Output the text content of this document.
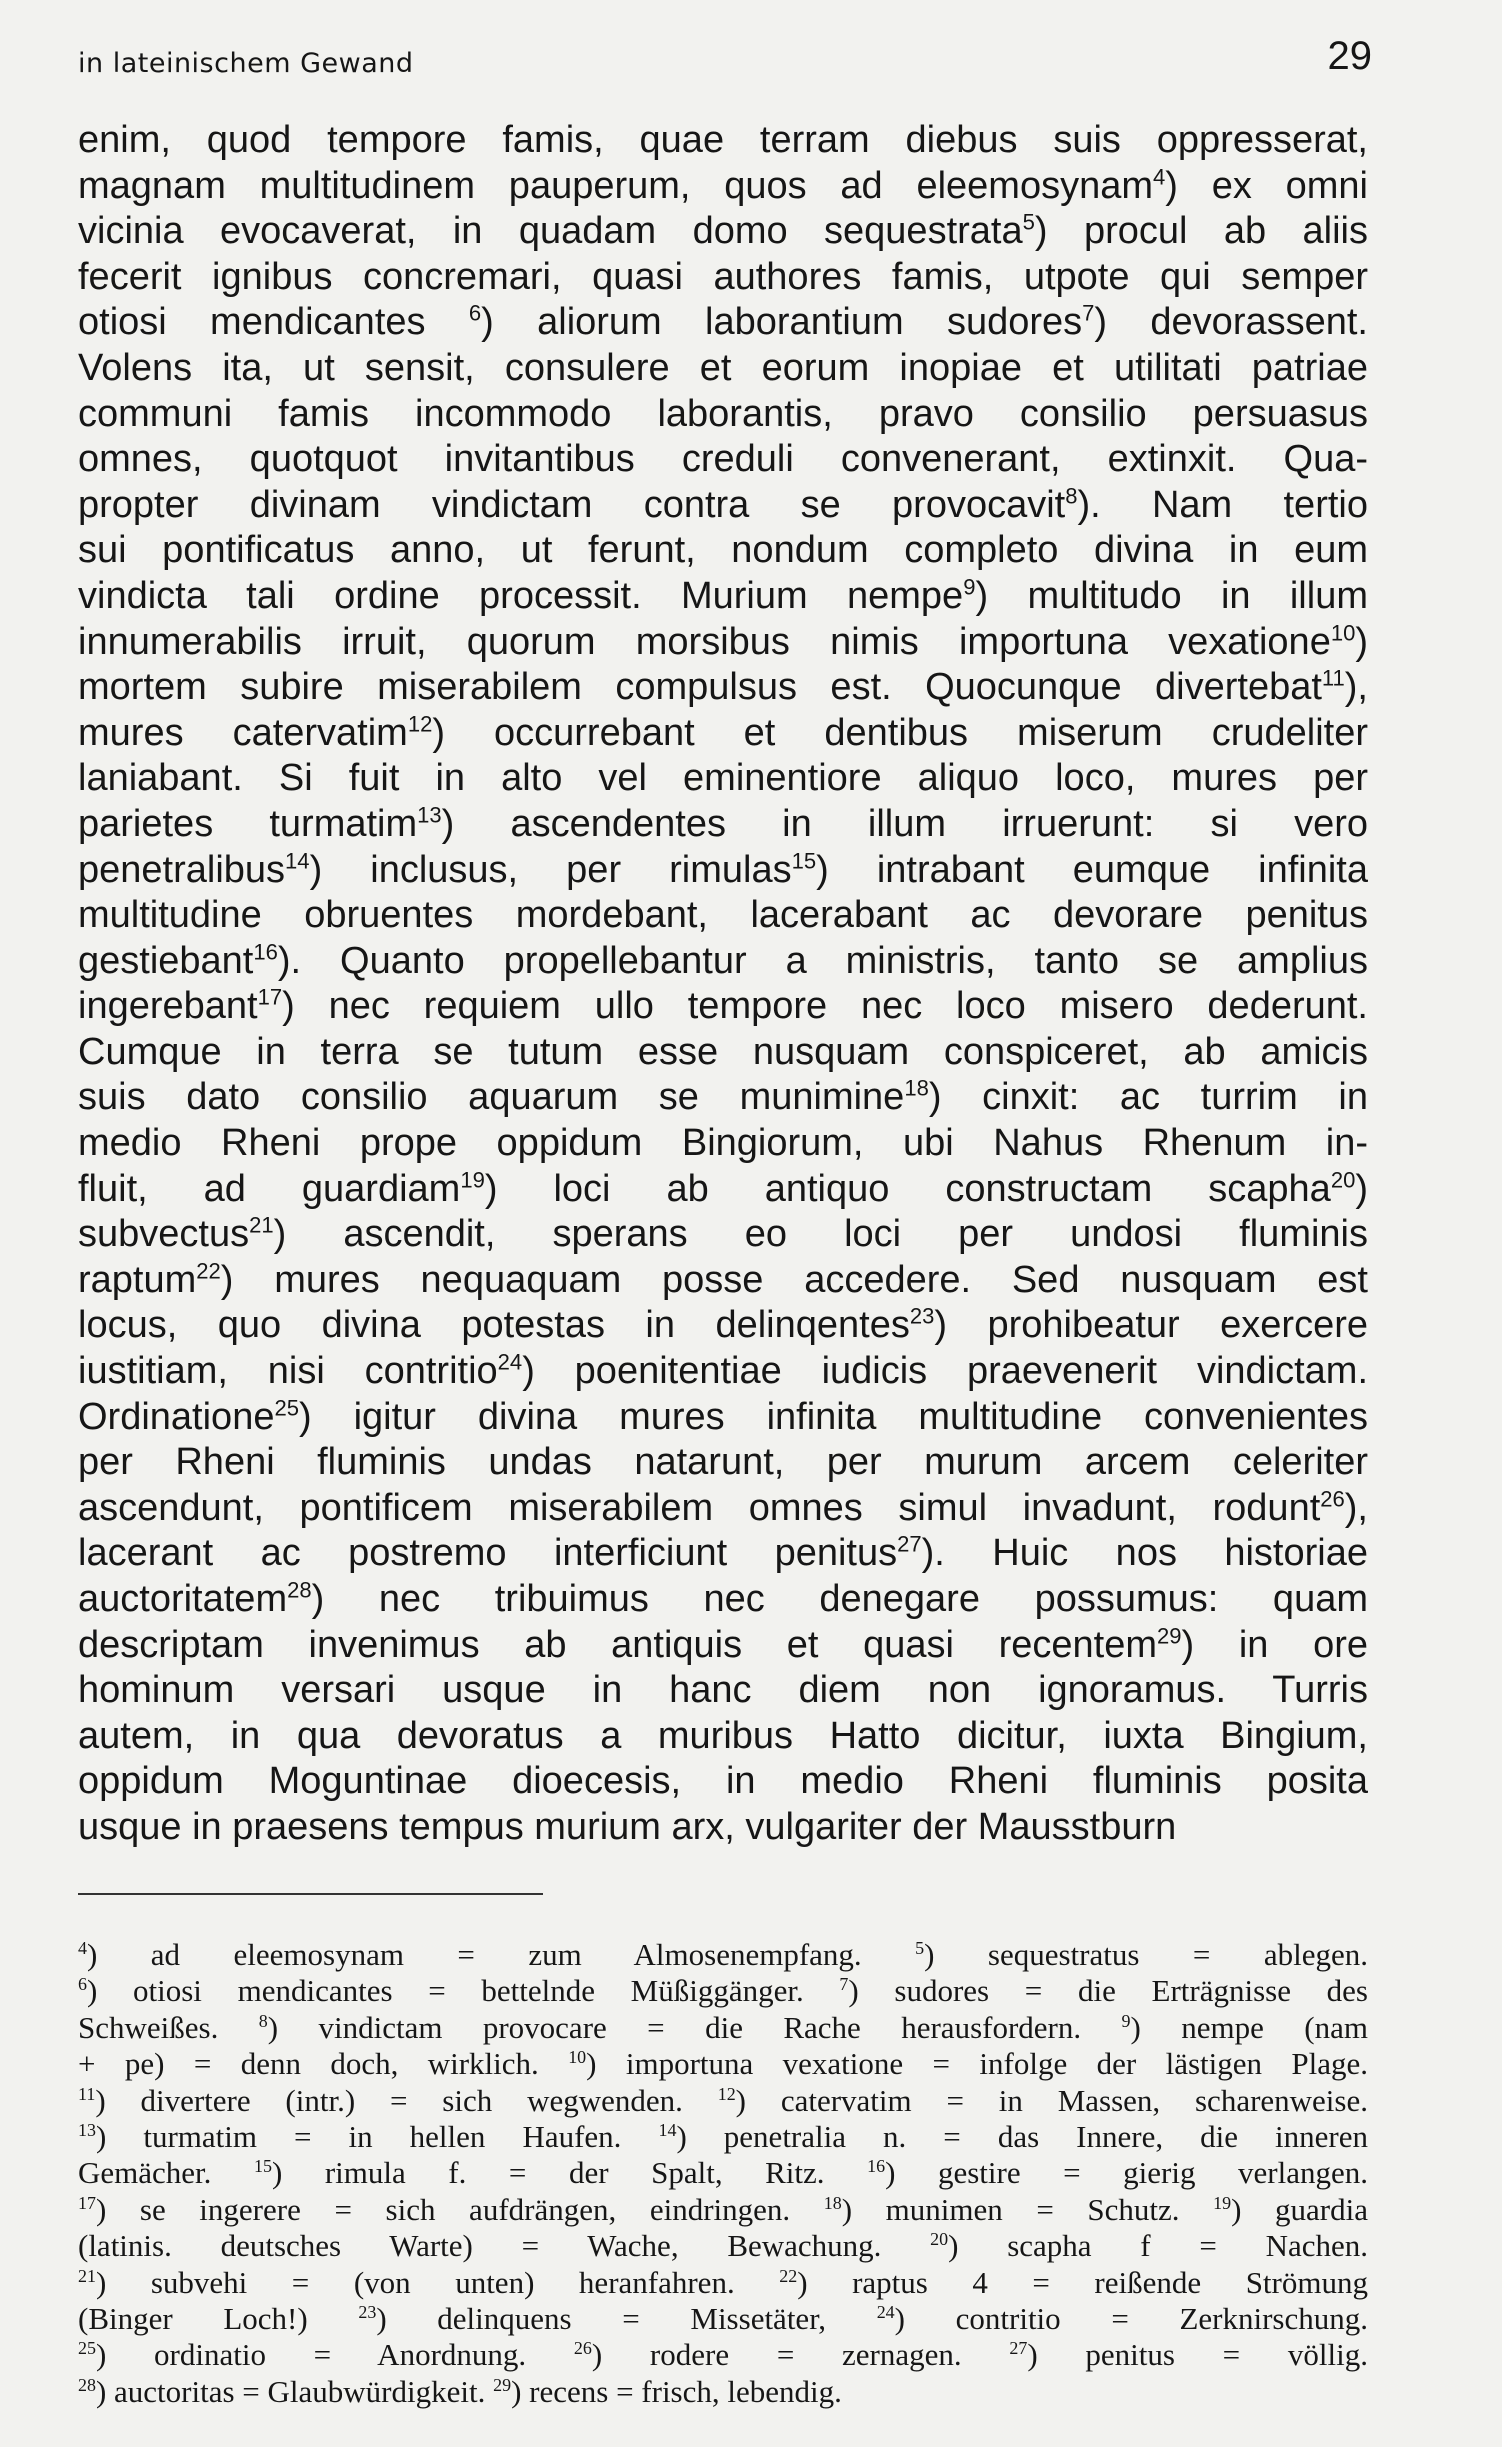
in lateinischem Gewand	29
enim, quod tempore famis, quae terram diebus suis oppresserat,
magnam multitudinem pauperum, quos ad eleemosynam$^4$) ex omni
vicinia evocaverat, in quadam domo sequestrata$^5$) procul ab aliis
fecerit ignibus concremari, quasi authores famis, utpote qui semper
otiosi mendicantes $^6$) aliorum laborantium sudores$^7$) devorassent.
Volens ita, ut sensit, consulere et eorum inopiae et utilitati patriae
communi famis incommodo laborantis, pravo consilio persuasus
omnes, quotquot invitantibus creduli convenerant, extinxit. Qua-
propter divinam vindictam contra se provocavit$^8$). Nam tertio
sui pontificatus anno, ut ferunt, nondum completo divina in eum
vindicta tali ordine processit. Murium nempe$^9$) multitudo in illum
innumerabilis irruit, quorum morsibus nimis importuna vexatione$^{10}$)
mortem subire miserabilem compulsus est. Quocunque divertebat$^{11}$),
mures catervatim$^{12}$) occurrebant et dentibus miserum crudeliter
laniabant. Si fuit in alto vel eminentiore aliquo loco, mures per
parietes turmatim$^{13}$) ascendentes in illum irruerunt: si vero
penetralibus$^{14}$) inclusus, per rimulas$^{15}$) intrabant eumque infinita
multitudine obruentes mordebant, lacerabant ac devorare penitus
gestiebant$^{16}$). Quanto propellebantur a ministris, tanto se amplius
ingerebant$^{17}$) nec requiem ullo tempore nec loco misero dederunt.
Cumque in terra se tutum esse nusquam conspiceret, ab amicis
suis dato consilio aquarum se munimine$^{18}$) cinxit: ac turrim in
medio Rheni prope oppidum Bingiorum, ubi Nahus Rhenum in-
fluit, ad guardiam$^{19}$) loci ab antiquo constructam scapha$^{20}$)
subvectus$^{21}$) ascendit, sperans eo loci per undosi fluminis
raptum$^{22}$) mures nequaquam posse accedere. Sed nusquam est
locus, quo divina potestas in delinqentes$^{23}$) prohibeatur exercere
iustitiam, nisi contritio$^{24}$) poenitentiae iudicis praevenerit vindictam.
Ordinatione$^{25}$) igitur divina mures infinita multitudine convenientes
per Rheni fluminis undas natarunt, per murum arcem celeriter
ascendunt, pontificem miserabilem omnes simul invadunt, rodunt$^{26}$),
lacerant ac postremo interficiunt penitus$^{27}$). Huic nos historiae
auctoritatem$^{28}$) nec tribuimus nec denegare possumus: quam
descriptam invenimus ab antiquis et quasi recentem$^{29}$) in ore
hominum versari usque in hanc diem non ignoramus. Turris
autem, in qua devoratus a muribus Hatto dicitur, iuxta Bingium,
oppidum Moguntinae dioecesis, in medio Rheni fluminis posita
usque in praesens tempus murium arx, vulgariter der Mausstburn
$^4$) ad eleemosynam = zum Almosenempfang. $^5$) sequestratus = ablegen.
$^6$) otiosi mendicantes = bettelnde Müßiggänger. $^7$) sudores = die Erträgnisse des
Schweißes. $^8$) vindictam provocare = die Rache herausfordern. $^9$) nempe (nam
+ pe) = denn doch, wirklich. $^{10}$) importuna vexatione = infolge der lästigen Plage.
$^{11}$) divertere (intr.) = sich wegwenden. $^{12}$) catervatim = in Massen, scharenweise.
$^{13}$) turmatim = in hellen Haufen. $^{14}$) penetralia n. = das Innere, die inneren
Gemächer. $^{15}$) rimula f. = der Spalt, Ritz. $^{16}$) gestire = gierig verlangen.
$^{17}$) se ingerere = sich aufdrängen, eindringen. $^{18}$) munimen = Schutz. $^{19}$) guardia
(latinis. deutsches Warte) = Wache, Bewachung. $^{20}$) scapha f = Nachen.
$^{21}$) subvehi = (von unten) heranfahren. $^{22}$) raptus 4 = reißende Strömung
(Binger Loch!) $^{23}$) delinquens = Missetäter, $^{24}$) contritio = Zerknirschung.
$^{25}$) ordinatio = Anordnung. $^{26}$) rodere = zernagen. $^{27}$) penitus = völlig.
$^{28}$) auctoritas = Glaubwürdigkeit. $^{29}$) recens = frisch, lebendig.
